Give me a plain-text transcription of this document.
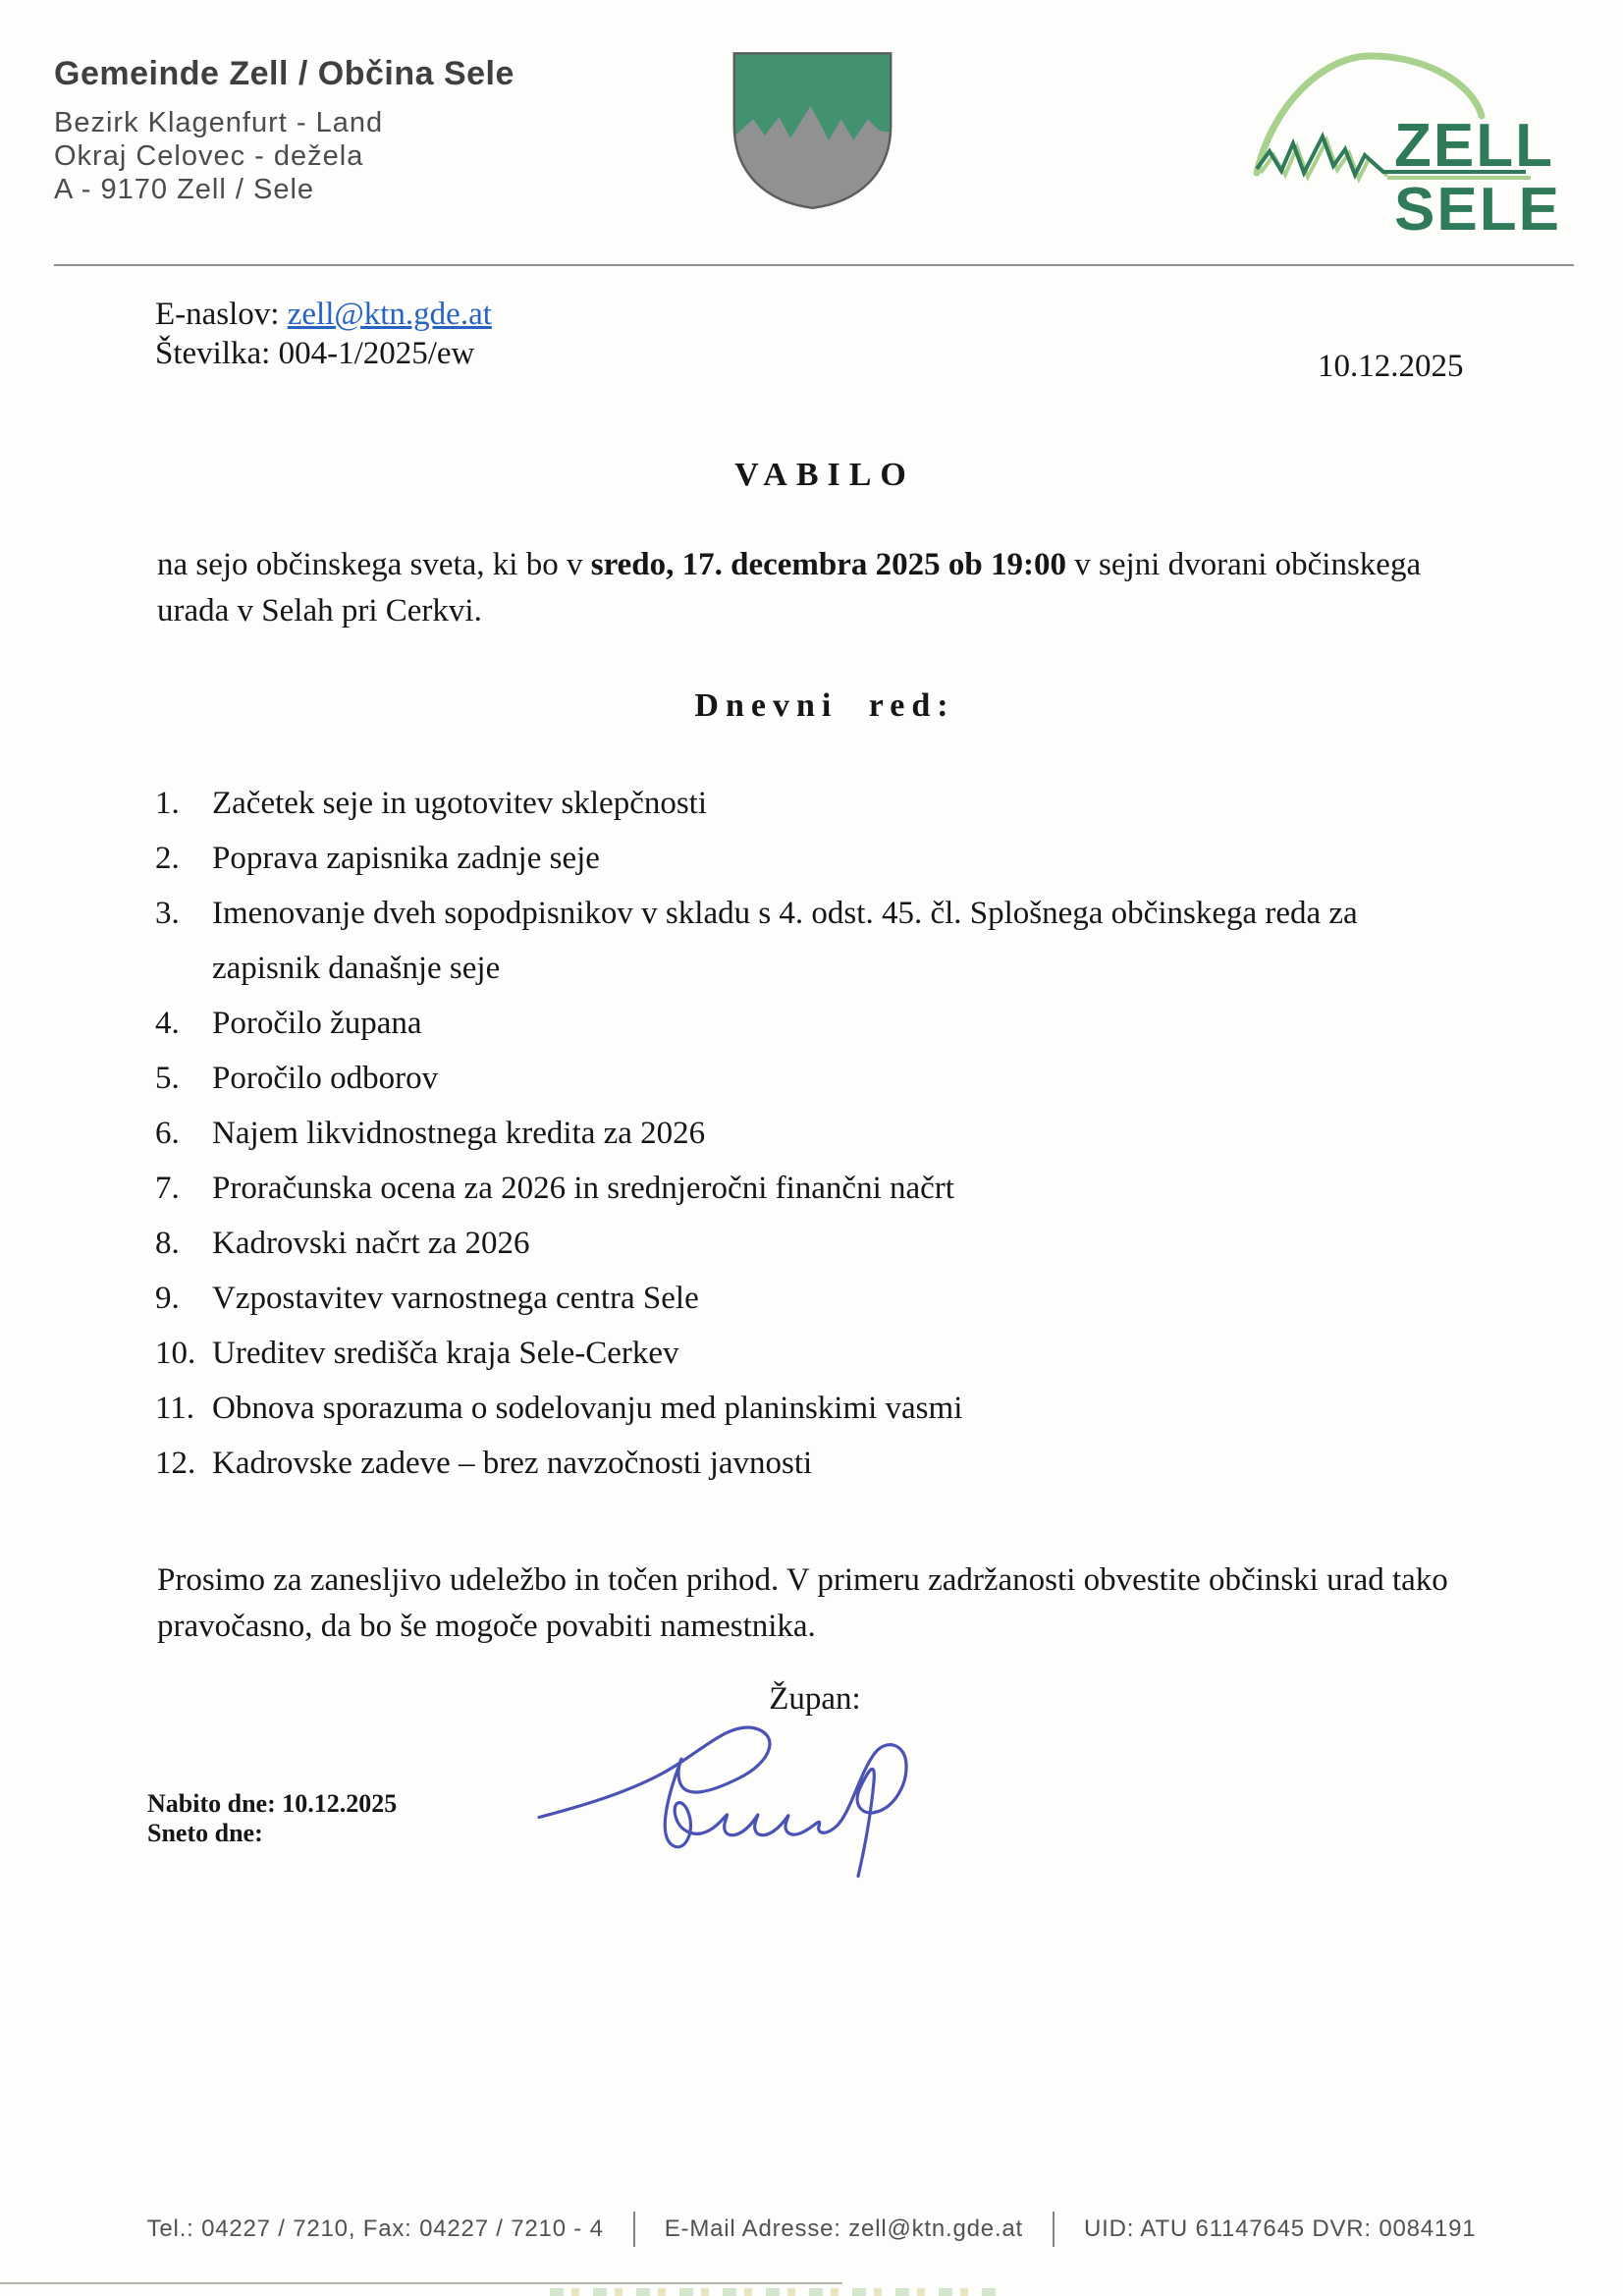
Gemeinde Zell / Občina Sele
Bezirk Klagenfurt - Land
Okraj Celovec - dežela
A - 9170 Zell / Sele
ZELL
SELE
E-naslov: zell@ktn.gde.at
Številka: 004-1/2025/ew	10.12.2025
VABILO
na sejo občinskega sveta, ki bo v sredo, 17. decembra 2025 ob 19:00 v sejni dvorani občinskega urada v Selah pri Cerkvi.
Dnevni red:
1.	Začetek seje in ugotovitev sklepčnosti
2.	Poprava zapisnika zadnje seje
3.	Imenovanje dveh sopodpisnikov v skladu s 4. odst. 45. čl. Splošnega občinskega reda za zapisnik današnje seje
4.	Poročilo župana
5.	Poročilo odborov
6.	Najem likvidnostnega kredita za 2026
7.	Proračunska ocena za 2026 in srednjeročni finančni načrt
8.	Kadrovski načrt za 2026
9.	Vzpostavitev varnostnega centra Sele
10. Ureditev središča kraja Sele-Cerkev
11. Obnova sporazuma o sodelovanju med planinskimi vasmi
12. Kadrovske zadeve – brez navzočnosti javnosti
Prosimo za zanesljivo udeležbo in točen prihod. V primeru zadržanosti obvestite občinski urad tako pravočasno, da bo še mogoče povabiti namestnika.
Župan:
Nabito dne: 10.12.2025
Sneto dne:
Tel.: 04227 / 7210, Fax: 04227 / 7210 - 4	E-Mail Adresse: zell@ktn.gde.at	UID: ATU 61147645 DVR: 0084191
